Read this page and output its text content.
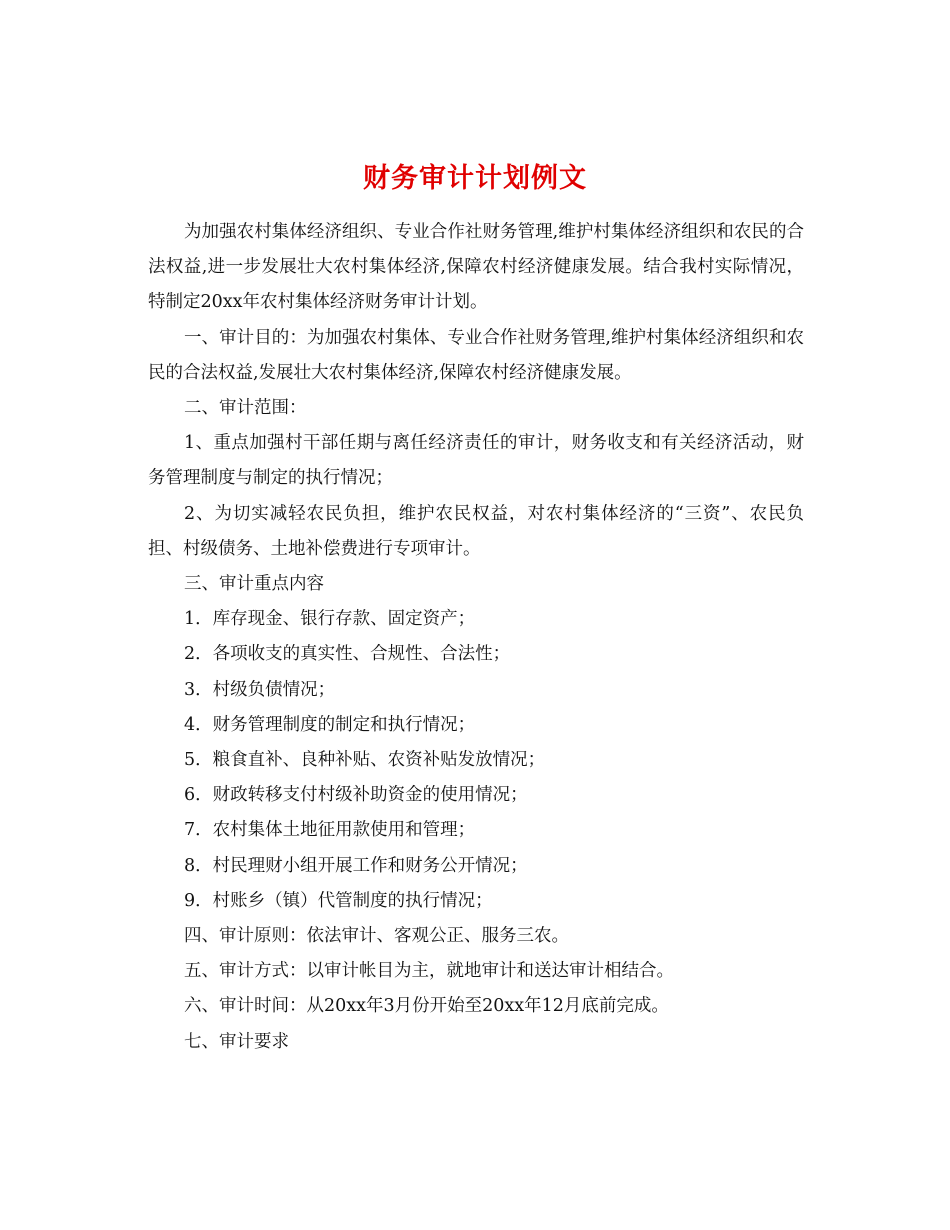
财务审计计划例文

为加强农村集体经济组织、专业合作社财务管理,维护村集体经济组织和农民的合法权益,进一步发展壮大农村集体经济,保障农村经济健康发展。结合我村实际情况，特制定20xx年农村集体经济财务审计计划。

一、审计目的：为加强农村集体、专业合作社财务管理,维护村集体经济组织和农民的合法权益,发展壮大农村集体经济,保障农村经济健康发展。

二、审计范围：

1、重点加强村干部任期与离任经济责任的审计，财务收支和有关经济活动，财务管理制度与制定的执行情况；

2、为切实减轻农民负担，维护农民权益，对农村集体经济的“三资”、农民负担、村级债务、土地补偿费进行专项审计。

三、审计重点内容

1．库存现金、银行存款、固定资产；

2．各项收支的真实性、合规性、合法性；

3．村级负债情况；

4．财务管理制度的制定和执行情况；

5．粮食直补、良种补贴、农资补贴发放情况；

6．财政转移支付村级补助资金的使用情况；

7．农村集体土地征用款使用和管理；

8．村民理财小组开展工作和财务公开情况；

9．村账乡（镇）代管制度的执行情况；

四、审计原则：依法审计、客观公正、服务三农。

五、审计方式：以审计帐目为主，就地审计和送达审计相结合。

六、审计时间：从20xx年3月份开始至20xx年12月底前完成。

七、审计要求
